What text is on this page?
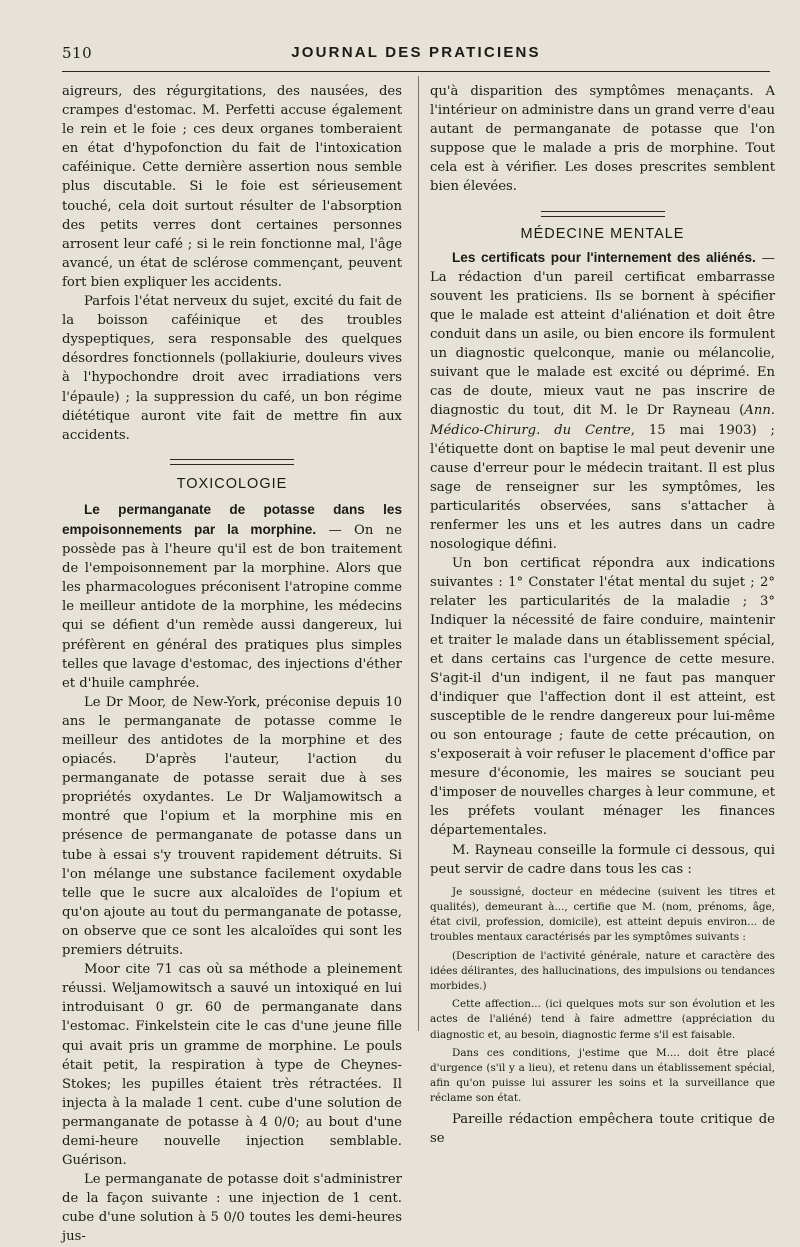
510	JOURNAL DES PRATICIENS

aigreurs, des régurgitations, des nausées, des crampes d'estomac. M. Perfetti accuse également le rein et le foie ; ces deux organes tomberaient en état d'hypofonction du fait de l'intoxication caféinique. Cette dernière assertion nous semble plus discutable. Si le foie est sérieusement touché, cela doit surtout résulter de l'absorption des petits verres dont certaines personnes arrosent leur café ; si le rein fonctionne mal, l'âge avancé, un état de sclérose commençant, peuvent fort bien expliquer les accidents.

Parfois l'état nerveux du sujet, excité du fait de la boisson caféinique et des troubles dyspeptiques, sera responsable des quelques désordres fonctionnels (pollakiurie, douleurs vives à l'hypochondre droit avec irradiations vers l'épaule) ; la suppression du café, un bon régime diététique auront vite fait de mettre fin aux accidents.

TOXICOLOGIE

Le permanganate de potasse dans les empoisonnements par la morphine. — On ne possède pas à l'heure qu'il est de bon traitement de l'empoisonnement par la morphine. Alors que les pharmacologues préconisent l'atropine comme le meilleur antidote de la morphine, les médecins qui se défient d'un remède aussi dangereux, lui préfèrent en général des pratiques plus simples telles que lavage d'estomac, des injections d'éther et d'huile camphrée.

Le Dr Moor, de New-York, préconise depuis 10 ans le permanganate de potasse comme le meilleur des antidotes de la morphine et des opiacés. D'après l'auteur, l'action du permanganate de potasse serait due à ses propriétés oxydantes. Le Dr Waljamowitsch a montré que l'opium et la morphine mis en présence de permanganate de potasse dans un tube à essai s'y trouvent rapidement détruits. Si l'on mélange une substance facilement oxydable telle que le sucre aux alcaloïdes de l'opium et qu'on ajoute au tout du permanganate de potasse, on observe que ce sont les alcaloïdes qui sont les premiers détruits.

Moor cite 71 cas où sa méthode a pleinement réussi. Weljamowitsch a sauvé un intoxiqué en lui introduisant 0 gr. 60 de permanganate dans l'estomac. Finkelstein cite le cas d'une jeune fille qui avait pris un gramme de morphine. Le pouls était petit, la respiration à type de Cheynes-Stokes; les pupilles étaient très rétractées. Il injecta à la malade 1 cent. cube d'une solution de permanganate de potasse à 4 0/0; au bout d'une demi-heure nouvelle injection semblable. Guérison.

Le permanganate de potasse doit s'administrer de la façon suivante : une injection de 1 cent. cube d'une solution à 5 0/0 toutes les demi-heures jus-

qu'à disparition des symptômes menaçants. A l'intérieur on administre dans un grand verre d'eau autant de permanganate de potasse que l'on suppose que le malade a pris de morphine. Tout cela est à vérifier. Les doses prescrites semblent bien élevées.

MÉDECINE MENTALE

Les certificats pour l'internement des aliénés. — La rédaction d'un pareil certificat embarrasse souvent les praticiens. Ils se bornent à spécifier que le malade est atteint d'aliénation et doit être conduit dans un asile, ou bien encore ils formulent un diagnostic quelconque, manie ou mélancolie, suivant que le malade est excité ou déprimé. En cas de doute, mieux vaut ne pas inscrire de diagnostic du tout, dit M. le Dr Rayneau (Ann. Médico-Chirurg. du Centre, 15 mai 1903) ; l'étiquette dont on baptise le mal peut devenir une cause d'erreur pour le médecin traitant. Il est plus sage de renseigner sur les symptômes, les particularités observées, sans s'attacher à renfermer les uns et les autres dans un cadre nosologique défini.

Un bon certificat répondra aux indications suivantes : 1° Constater l'état mental du sujet ; 2° relater les particularités de la maladie ; 3° Indiquer la nécessité de faire conduire, maintenir et traiter le malade dans un établissement spécial, et dans certains cas l'urgence de cette mesure. S'agit-il d'un indigent, il ne faut pas manquer d'indiquer que l'affection dont il est atteint, est susceptible de le rendre dangereux pour lui-même ou son entourage ; faute de cette précaution, on s'exposerait à voir refuser le placement d'office par mesure d'économie, les maires se souciant peu d'imposer de nouvelles charges à leur commune, et les préfets voulant ménager les finances départementales.

M. Rayneau conseille la formule ci dessous, qui peut servir de cadre dans tous les cas :

Je soussigné, docteur en médecine (suivent les titres et qualités), demeurant à..., certifie que M. (nom, prénoms, âge, état civil, profession, domicile), est atteint depuis environ... de troubles mentaux caractérisés par les symptômes suivants :

(Description de l'activité générale, nature et caractère des idées délirantes, des hallucinations, des impulsions ou tendances morbides.)

Cette affection... (ici quelques mots sur son évolution et les actes de l'aliéné) tend à faire admettre (appréciation du diagnostic et, au besoin, diagnostic ferme s'il est faisable.

Dans ces conditions, j'estime que M.... doit être placé d'urgence (s'il y a lieu), et retenu dans un établissement spécial, afin qu'on puisse lui assurer les soins et la surveillance que réclame son état.

Pareille rédaction empêchera toute critique de se
